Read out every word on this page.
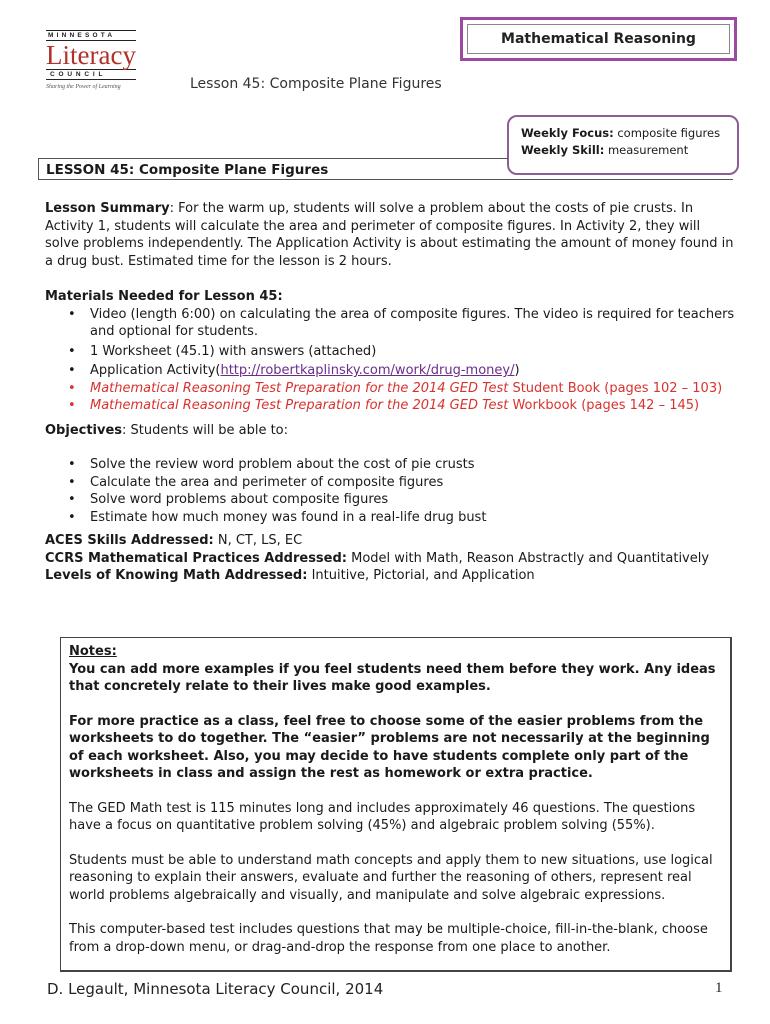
MINNESOTA
Literacy
COUNCIL
Sharing the Power of Learning
Mathematical Reasoning
Lesson 45: Composite Plane Figures
Weekly Focus: composite figures
Weekly Skill: measurement
LESSON 45: Composite Plane Figures

Lesson Summary: For the warm up, students will solve a problem about the costs of pie crusts. In Activity 1, students will calculate the area and perimeter of composite figures. In Activity 2, they will solve problems independently. The Application Activity is about estimating the amount of money found in a drug bust. Estimated time for the lesson is 2 hours.

Materials Needed for Lesson 45:

• Video (length 6:00) on calculating the area of composite figures. The video is required for teachers and optional for students.
• 1 Worksheet (45.1) with answers (attached)
• Application Activity(http://robertkaplinsky.com/work/drug-money/)
• Mathematical Reasoning Test Preparation for the 2014 GED Test Student Book (pages 102 – 103)
• Mathematical Reasoning Test Preparation for the 2014 GED Test Workbook (pages 142 – 145)

Objectives: Students will be able to:

• Solve the review word problem about the cost of pie crusts
• Calculate the area and perimeter of composite figures
• Solve word problems about composite figures
• Estimate how much money was found in a real-life drug bust

ACES Skills Addressed: N, CT, LS, EC

CCRS Mathematical Practices Addressed: Model with Math, Reason Abstractly and Quantitatively

Levels of Knowing Math Addressed: Intuitive, Pictorial, and Application

Notes:

You can add more examples if you feel students need them before they work. Any ideas that concretely relate to their lives make good examples.

For more practice as a class, feel free to choose some of the easier problems from the worksheets to do together. The “easier” problems are not necessarily at the beginning of each worksheet. Also, you may decide to have students complete only part of the worksheets in class and assign the rest as homework or extra practice.

The GED Math test is 115 minutes long and includes approximately 46 questions. The questions have a focus on quantitative problem solving (45%) and algebraic problem solving (55%).

Students must be able to understand math concepts and apply them to new situations, use logical reasoning to explain their answers, evaluate and further the reasoning of others, represent real world problems algebraically and visually, and manipulate and solve algebraic expressions.

This computer-based test includes questions that may be multiple-choice, fill-in-the-blank, choose from a drop-down menu, or drag-and-drop the response from one place to another.

D. Legault, Minnesota Literacy Council, 2014	1
